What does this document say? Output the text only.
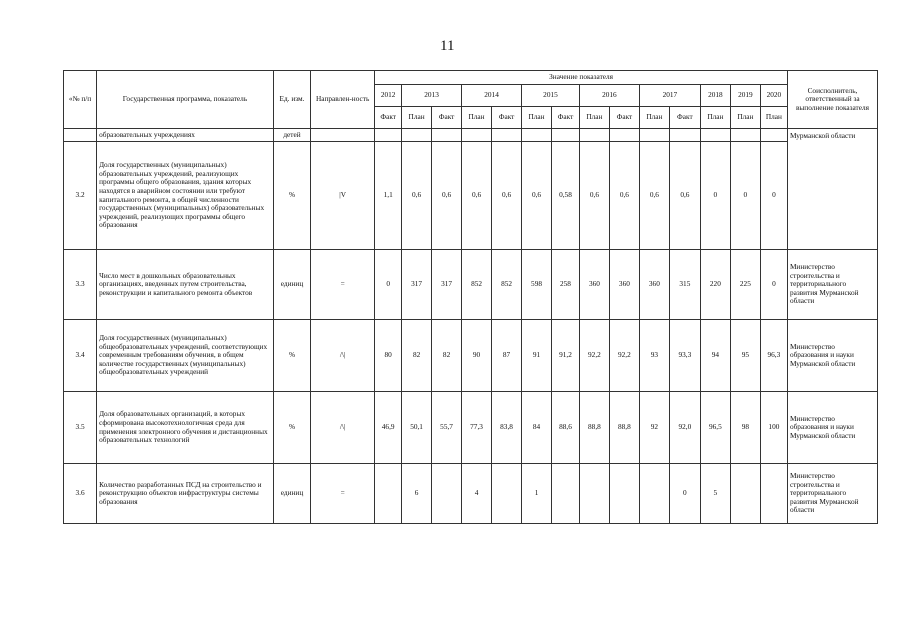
11
«№ п/п	Государственная программа, показатель	Ед. изм.	Направлен-ность	Значение показателя														Соисполнитель, ответственный за выполнение показателя
				2012	2013		2014		2015		2016		2017		2018	2019	2020	
				Факт	План	Факт	План	Факт	План	Факт	План	Факт	План	Факт	План	План	План	
	образовательных учреждениях	детей																Мурманской области
3.2	Доля государственных (муниципальных) образовательных учреждений, реализующих программы общего образования, здания которых находятся в аварийном состоянии или требуют капитального ремонта, в общей численности государственных (муниципальных) образовательных учреждений, реализующих программы общего образования	%	|V	1,1	0,6	0,6	0,6	0,6	0,6	0,58	0,6	0,6	0,6	0,6	0	0	0	
3.3	Число мест в дошкольных образовательных организациях, введенных путем строительства, реконструкции и капитального ремонта объектов	единиц	=	0	317	317	852	852	598	258	360	360	360	315	220	225	0	Министерство строительства и территориального развития Мурманской области
3.4	Доля государственных (муниципальных) общеобразовательных учреждений, соответствующих современным требованиям обучения, в общем количестве государственных (муниципальных) общеобразовательных учреждений	%	/\|	80	82	82	90	87	91	91,2	92,2	92,2	93	93,3	94	95	96,3	Министерство образования и науки Мурманской области
3.5	Доля образовательных организаций, в которых сформирована высокотехнологичная среда для применения электронного обучения и дистанционных образовательных технологий	%	/\|	46,9	50,1	55,7	77,3	83,8	84	88,6	88,8	88,8	92	92,0	96,5	98	100	Министерство образования и науки Мурманской области
3.6	Количество разработанных ПСД на строительство и реконструкцию объектов инфраструктуры системы образования	единиц	=		6		4		1					0	5			Министерство строительства и территориального развития Мурманской области
